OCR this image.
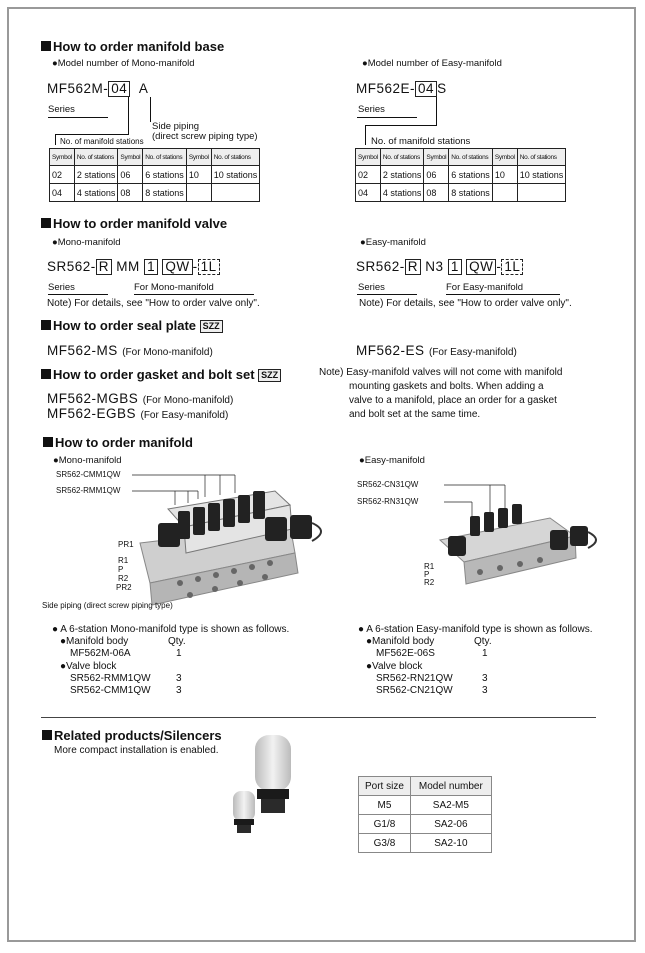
How to order manifold base
●Model number of Mono-manifold
MF562M- 04 A
Series
Side piping
(direct screw piping type)
No. of manifold stations
Symbol	No. of stations	Symbol	No. of stations	Symbol	No. of stations
02	2 stations	06	6 stations	10	10 stations
04	4 stations	08	8 stations		
●Model number of Easy-manifold
MF562E- 04 S
Series
No. of manifold stations
Symbol	No. of stations	Symbol	No. of stations	Symbol	No. of stations
02	2 stations	06	6 stations	10	10 stations
04	4 stations	08	8 stations		
How to order manifold valve
●Mono-manifold
SR562- R MM 1 QW - 1L
Series	For Mono-manifold
Note) For details, see "How to order valve only".
●Easy-manifold
SR562- R N3 1 QW - 1L
Series	For Easy-manifold
Note) For details, see "How to order valve only".
How to order seal plate SZZ
MF562-MS (For Mono-manifold)	MF562-ES (For Easy-manifold)
How to order gasket and bolt set SZZ
MF562-MGBS (For Mono-manifold)
MF562-EGBS (For Easy-manifold)
Note) Easy-manifold valves will not come with manifold
mounting gaskets and bolts. When adding a
valve to a manifold, place an order for a gasket
and bolt set at the same time.
How to order manifold
●Mono-manifold
SR562-CMM1QW
SR562-RMM1QW
PR1
R1
P
R2
PR2
Side piping (direct screw piping type)
● A 6-station Mono-manifold type is shown as follows.
●Manifold body	Qty.
MF562M-06A	1
●Valve block
SR562-RMM1QW	3
SR562-CMM1QW	3
●Easy-manifold
SR562-CN31QW
SR562-RN31QW
R1
P
R2
● A 6-station Easy-manifold type is shown as follows.
●Manifold body	Qty.
MF562E-06S	1
●Valve block
SR562-RN21QW	3
SR562-CN21QW	3
Related products/Silencers
More compact installation is enabled.
Port size	Model number
M5	SA2-M5
G1/8	SA2-06
G3/8	SA2-10
